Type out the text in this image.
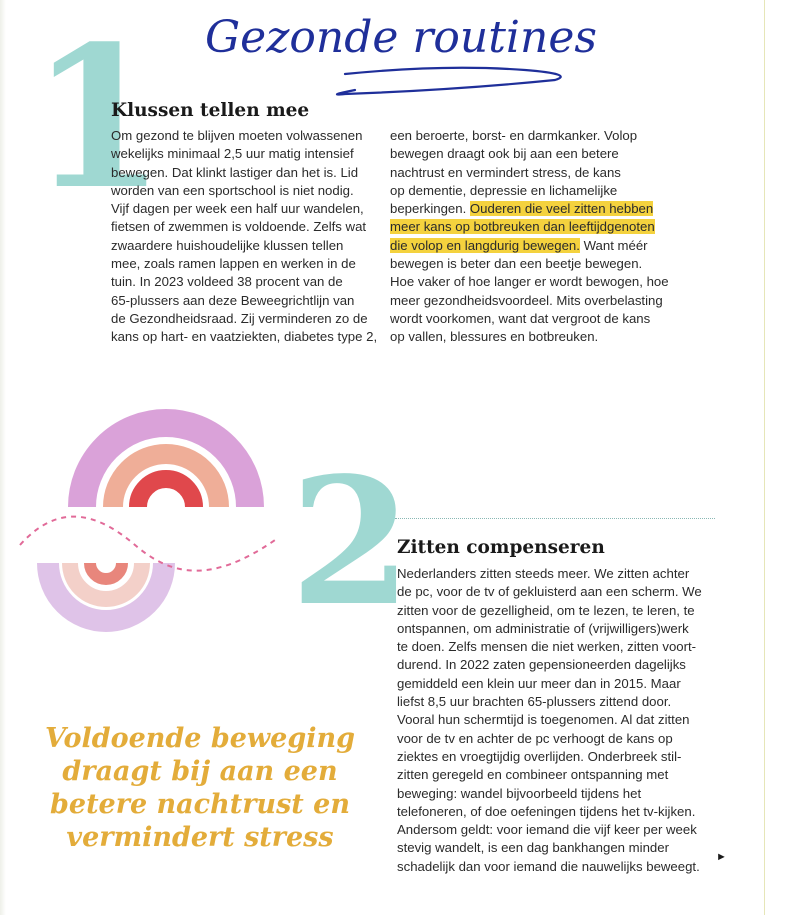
Gezonde routines
1
Klussen tellen mee

Om gezond te blijven moeten volwassenen
wekelijks minimaal 2,5 uur matig intensief
bewegen. Dat klinkt lastiger dan het is. Lid
worden van een sportschool is niet nodig.
Vijf dagen per week een half uur wandelen,
fietsen of zwemmen is voldoende. Zelfs wat
zwaardere huishoudelijke klussen tellen
mee, zoals ramen lappen en werken in de
tuin. In 2023 voldeed 38 procent van de
65-plussers aan deze Beweegrichtlijn van
de Gezondheidsraad. Zij verminderen zo de
kans op hart- en vaatziekten, diabetes type 2,

een beroerte, borst- en darmkanker. Volop
bewegen draagt ook bij aan een betere
nachtrust en vermindert stress, de kans
op dementie, depressie en lichamelijke
beperkingen. Ouderen die veel zitten hebben
meer kans op botbreuken dan leeftijdgenoten
die volop en langdurig bewegen. Want méér
bewegen is beter dan een beetje bewegen.
Hoe vaker of hoe langer er wordt bewogen, hoe
meer gezondheidsvoordeel. Mits overbelasting
wordt voorkomen, want dat vergroot de kans
op vallen, blessures en botbreuken.

2
Zitten compenseren

Nederlanders zitten steeds meer. We zitten achter
de pc, voor de tv of gekluisterd aan een scherm. We
zitten voor de gezelligheid, om te lezen, te leren, te
ontspannen, om administratie of (vrijwilligers)werk
te doen. Zelfs mensen die niet werken, zitten voort-
durend. In 2022 zaten gepensioneerden dagelijks
gemiddeld een klein uur meer dan in 2015. Maar
liefst 8,5 uur brachten 65-plussers zittend door.
Vooral hun schermtijd is toegenomen. Al dat zitten
voor de tv en achter de pc verhoogt de kans op
ziektes en vroegtijdig overlijden. Onderbreek stil-
zitten geregeld en combineer ontspanning met
beweging: wandel bijvoorbeeld tijdens het
telefoneren, of doe oefeningen tijdens het tv-kijken.
Andersom geldt: voor iemand die vijf keer per week
stevig wandelt, is een dag bankhangen minder
schadelijk dan voor iemand die nauwelijks beweegt.

►

Voldoende beweging
draagt bij aan een
betere nachtrust en
vermindert stress
